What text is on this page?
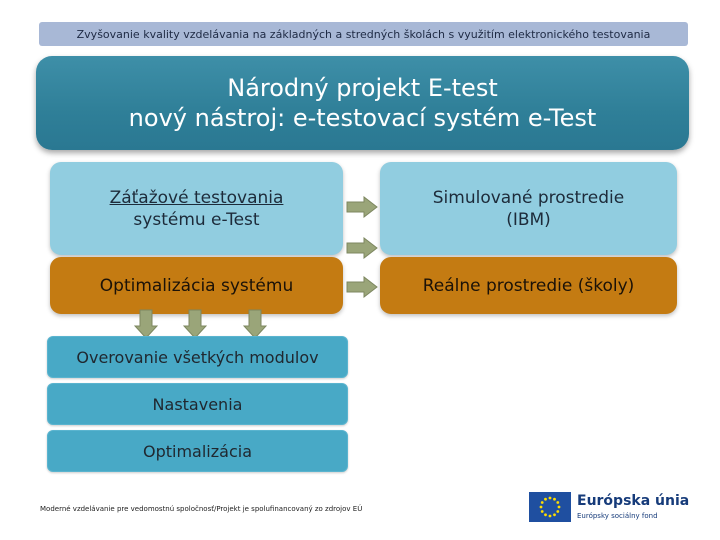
Zvyšovanie kvality vzdelávania na základných a stredných školách s využitím elektronického testovania
Národný projekt E-test
nový nástroj: e-testovací systém e-Test
Záťažové testovania
systému e-Test
Simulované prostredie
(IBM)
Optimalizácia systému	Reálne prostredie (školy)
Overovanie všetkých modulov
Nastavenia
Optimalizácia
Moderné vzdelávanie pre vedomostnú spoločnosť/Projekt je spolufinancovaný zo zdrojov EÚ	Európska únia
Európsky sociálny fond
